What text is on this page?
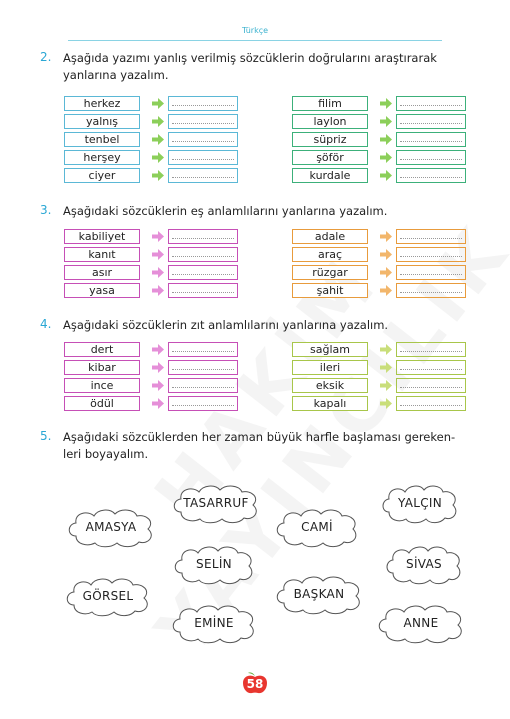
Türkçe
2. Aşağıda yazımı yanlış verilmiş sözcüklerin doğrularını araştırarak
yanlarına yazalım.
herkez
yalnış
tenbel
herşey
ciyer
filim
laylon
süpriz
şöför
kurdale
3. Aşağıdaki sözcüklerin eş anlamlılarını yanlarına yazalım.
kabiliyet
kanıt
asır
yasa
adale
araç
rüzgar
şahit
4. Aşağıdaki sözcüklerin zıt anlamlılarını yanlarına yazalım.
dert
kibar
ince
ödül
sağlam
ileri
eksik
kapalı
5. Aşağıdaki sözcüklerden her zaman büyük harfle başlaması gereken-
leri boyayalım.
TASARRUF	YALÇIN
AMASYA	CAMİ
SELİN	SİVAS
GÖRSEL	BAŞKAN
EMİNE	ANNE
58
